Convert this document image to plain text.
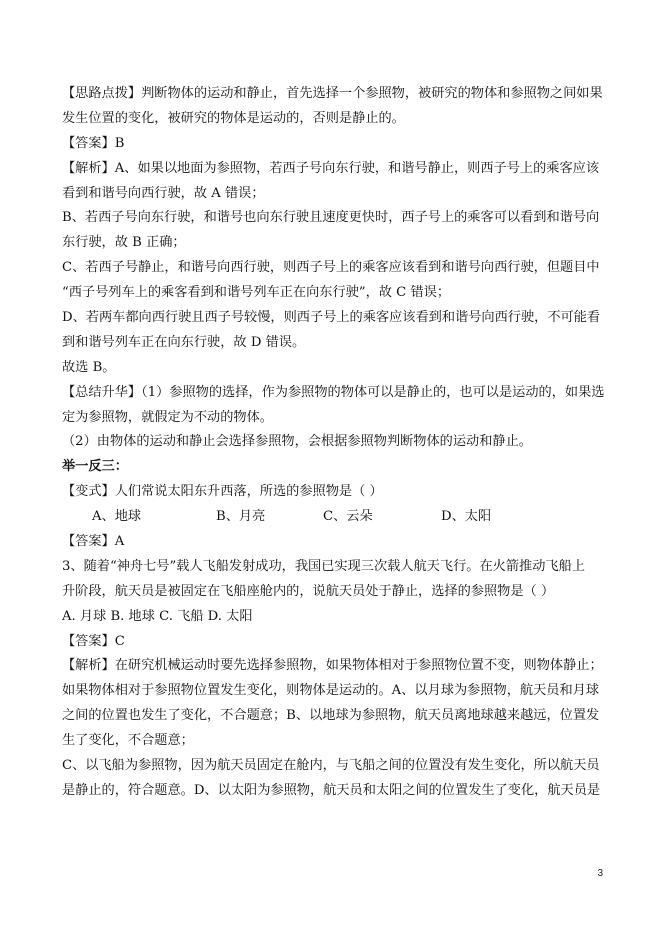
【思路点拨】判断物体的运动和静止，首先选择一个参照物，被研究的物体和参照物之间如果
发生位置的变化，被研究的物体是运动的，否则是静止的。
【答案】B
【解析】A、如果以地面为参照物，若西子号向东行驶，和谐号静止，则西子号上的乘客应该
看到和谐号向西行驶，故 A 错误；
B、若西子号向东行驶，和谐号也向东行驶且速度更快时，西子号上的乘客可以看到和谐号向
东行驶，故 B 正确；
C、若西子号静止，和谐号向西行驶，则西子号上的乘客应该看到和谐号向西行驶，但题目中
“西子号列车上的乘客看到和谐号列车正在向东行驶”，故 C 错误；
D、若两车都向西行驶且西子号较慢，则西子号上的乘客应该看到和谐号向西行驶，不可能看
到和谐号列车正在向东行驶，故 D 错误。
故选 B。
【总结升华】（1）参照物的选择，作为参照物的物体可以是静止的，也可以是运动的，如果选
定为参照物，就假定为不动的物体。
（2）由物体的运动和静止会选择参照物，会根据参照物判断物体的运动和静止。
举一反三：
【变式】人们常说太阳东升西落，所选的参照物是（ ）
A、地球	B、月亮	C、云朵	D、太阳
【答案】A
3、随着“神舟七号”载人飞船发射成功，我国已实现三次载人航天飞行。在火箭推动飞船上
升阶段，航天员是被固定在飞船座舱内的，说航天员处于静止，选择的参照物是（ ）
A. 月球 B. 地球 C. 飞船 D. 太阳
【答案】C
【解析】在研究机械运动时要先选择参照物，如果物体相对于参照物位置不变，则物体静止；
如果物体相对于参照物位置发生变化，则物体是运动的。A、以月球为参照物，航天员和月球
之间的位置也发生了变化，不合题意；B、以地球为参照物，航天员离地球越来越远，位置发
生了变化，不合题意；
C、以飞船为参照物，因为航天员固定在舱内，与飞船之间的位置没有发生变化，所以航天员
是静止的，符合题意。D、以太阳为参照物，航天员和太阳之间的位置发生了变化，航天员是
3
